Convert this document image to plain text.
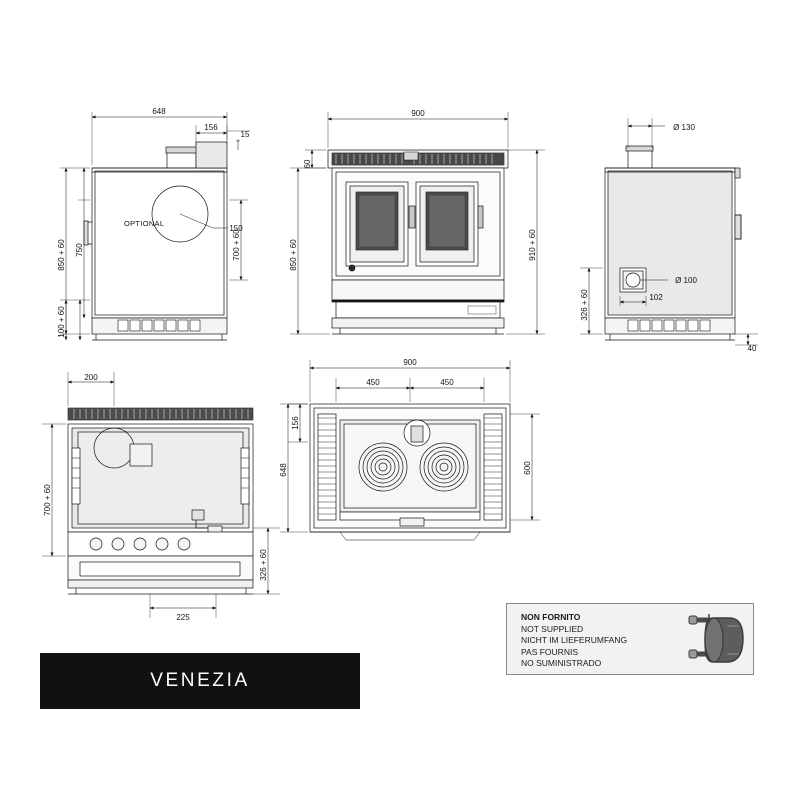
648
156
15
150
850 + 60 750	700 + 60
100 + 60
OPTIONAL
900
60
850 + 60	910 + 60
Ø 130
Ø 100
102
326 + 60
40
200
700 + 60
326 + 60
225
900
450	450
156
648	600
VENEZIA
NON FORNITO
NOT SUPPLIED
NICHT IM LIEFERUMFANG
PAS FOURNIS
NO SUMINISTRADO
